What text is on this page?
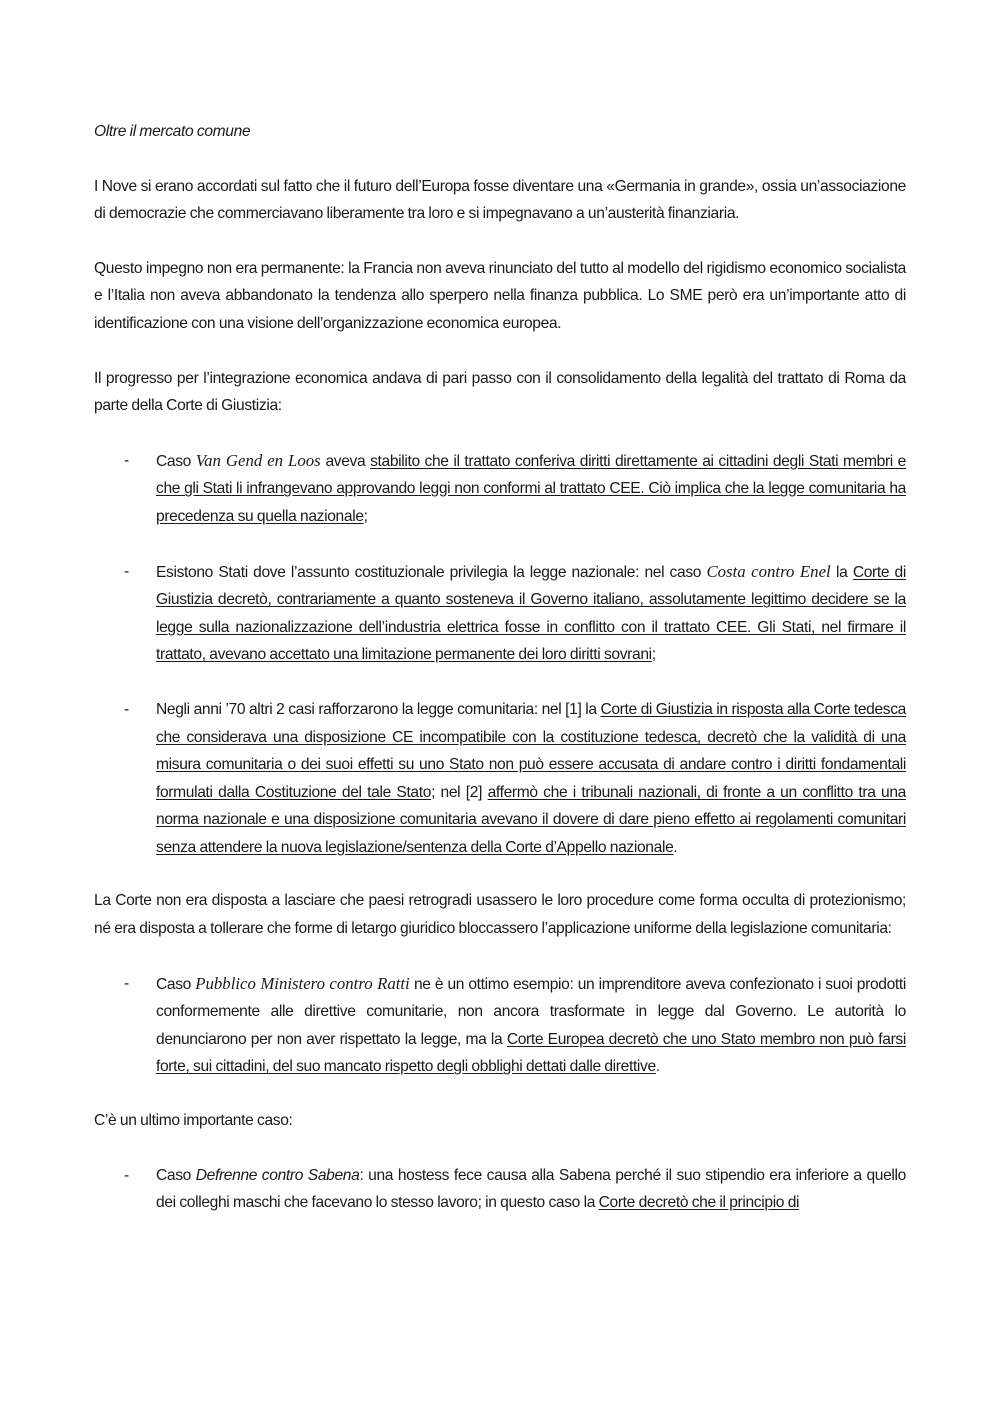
Oltre il mercato comune

I Nove si erano accordati sul fatto che il futuro dell’Europa fosse diventare una «Germania in grande», ossia un’associazione di democrazie che commerciavano liberamente tra loro e si impegnavano a un’austerità finanziaria.

Questo impegno non era permanente: la Francia non aveva rinunciato del tutto al modello del rigidismo economico socialista e l’Italia non aveva abbandonato la tendenza allo sperpero nella finanza pubblica. Lo SME però era un’importante atto di identificazione con una visione dell’organizzazione economica europea.

Il progresso per l’integrazione economica andava di pari passo con il consolidamento della legalità del trattato di Roma da parte della Corte di Giustizia:

- Caso Van Gend en Loos aveva stabilito che il trattato conferiva diritti direttamente ai cittadini degli Stati membri e che gli Stati li infrangevano approvando leggi non conformi al trattato CEE. Ciò implica che la legge comunitaria ha precedenza su quella nazionale;
- Esistono Stati dove l’assunto costituzionale privilegia la legge nazionale: nel caso Costa contro Enel la Corte di Giustizia decretò, contrariamente a quanto sosteneva il Governo italiano, assolutamente legittimo decidere se la legge sulla nazionalizzazione dell’industria elettrica fosse in conflitto con il trattato CEE. Gli Stati, nel firmare il trattato, avevano accettato una limitazione permanente dei loro diritti sovrani;
- Negli anni ’70 altri 2 casi rafforzarono la legge comunitaria: nel [1] la Corte di Giustizia in risposta alla Corte tedesca che considerava una disposizione CE incompatibile con la costituzione tedesca, decretò che la validità di una misura comunitaria o dei suoi effetti su uno Stato non può essere accusata di andare contro i diritti fondamentali formulati dalla Costituzione del tale Stato; nel [2] affermò che i tribunali nazionali, di fronte a un conflitto tra una norma nazionale e una disposizione comunitaria avevano il dovere di dare pieno effetto ai regolamenti comunitari senza attendere la nuova legislazione/sentenza della Corte d’Appello nazionale.

La Corte non era disposta a lasciare che paesi retrogradi usassero le loro procedure come forma occulta di protezionismo; né era disposta a tollerare che forme di letargo giuridico bloccassero l’applicazione uniforme della legislazione comunitaria:

- Caso Pubblico Ministero contro Ratti ne è un ottimo esempio: un imprenditore aveva confezionato i suoi prodotti conformemente alle direttive comunitarie, non ancora trasformate in legge dal Governo. Le autorità lo denunciarono per non aver rispettato la legge, ma la Corte Europea decretò che uno Stato membro non può farsi forte, sui cittadini, del suo mancato rispetto degli obblighi dettati dalle direttive.

C’è un ultimo importante caso:

- Caso Defrenne contro Sabena: una hostess fece causa alla Sabena perché il suo stipendio era inferiore a quello dei colleghi maschi che facevano lo stesso lavoro; in questo caso la Corte decretò che il principio di
